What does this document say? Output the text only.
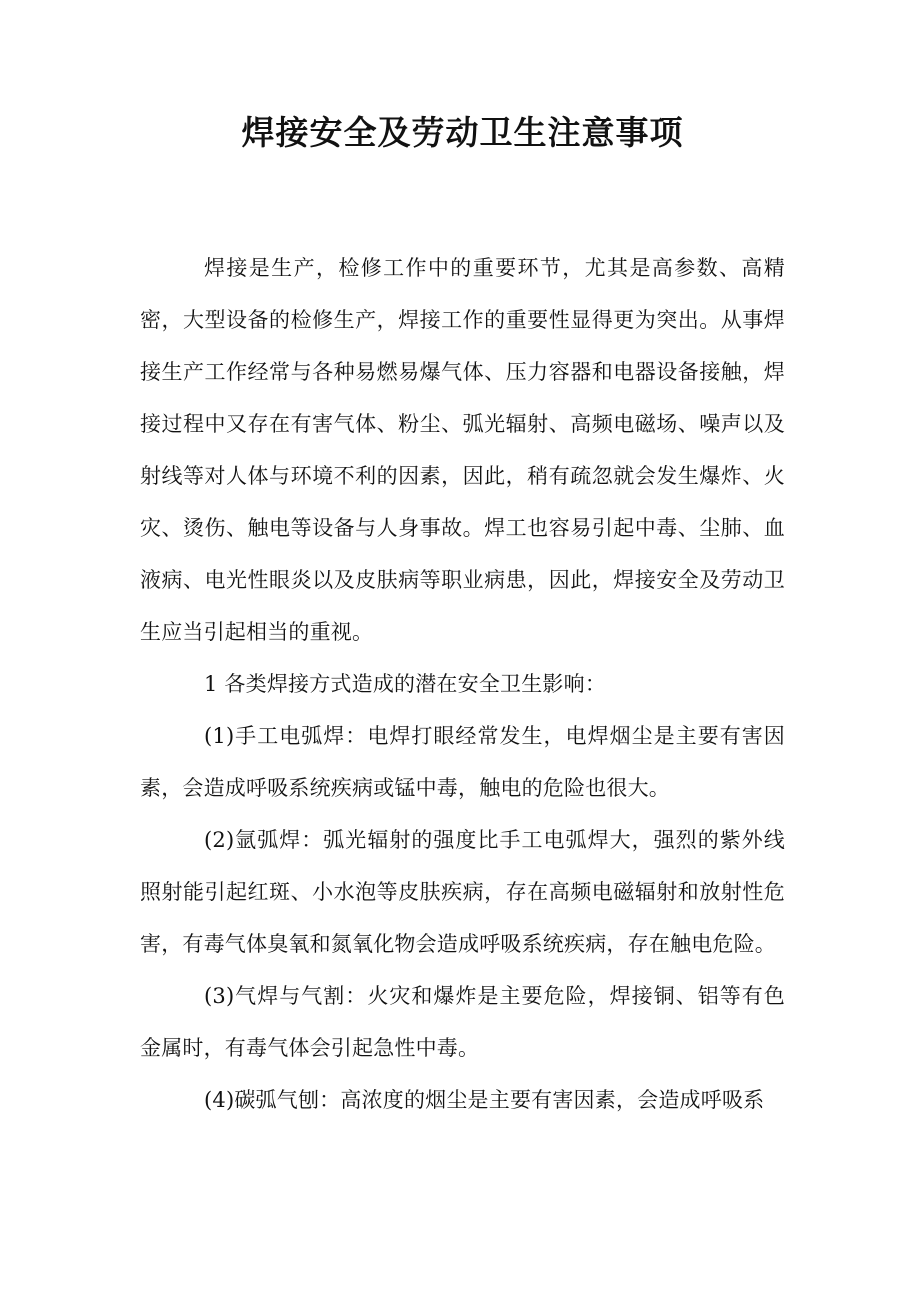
焊接安全及劳动卫生注意事项

焊接是生产，检修工作中的重要环节，尤其是高参数、高精密，大型设备的检修生产，焊接工作的重要性显得更为突出。从事焊接生产工作经常与各种易燃易爆气体、压力容器和电器设备接触，焊接过程中又存在有害气体、粉尘、弧光辐射、高频电磁场、噪声以及射线等对人体与环境不利的因素，因此，稍有疏忽就会发生爆炸、火灾、烫伤、触电等设备与人身事故。焊工也容易引起中毒、尘肺、血液病、电光性眼炎以及皮肤病等职业病患，因此，焊接安全及劳动卫生应当引起相当的重视。

1 各类焊接方式造成的潜在安全卫生影响：

(1)手工电弧焊：电焊打眼经常发生，电焊烟尘是主要有害因素，会造成呼吸系统疾病或锰中毒，触电的危险也很大。

(2)氩弧焊：弧光辐射的强度比手工电弧焊大，强烈的紫外线照射能引起红斑、小水泡等皮肤疾病，存在高频电磁辐射和放射性危害，有毒气体臭氧和氮氧化物会造成呼吸系统疾病，存在触电危险。

(3)气焊与气割：火灾和爆炸是主要危险，焊接铜、铝等有色金属时，有毒气体会引起急性中毒。

(4)碳弧气刨：高浓度的烟尘是主要有害因素，会造成呼吸系
